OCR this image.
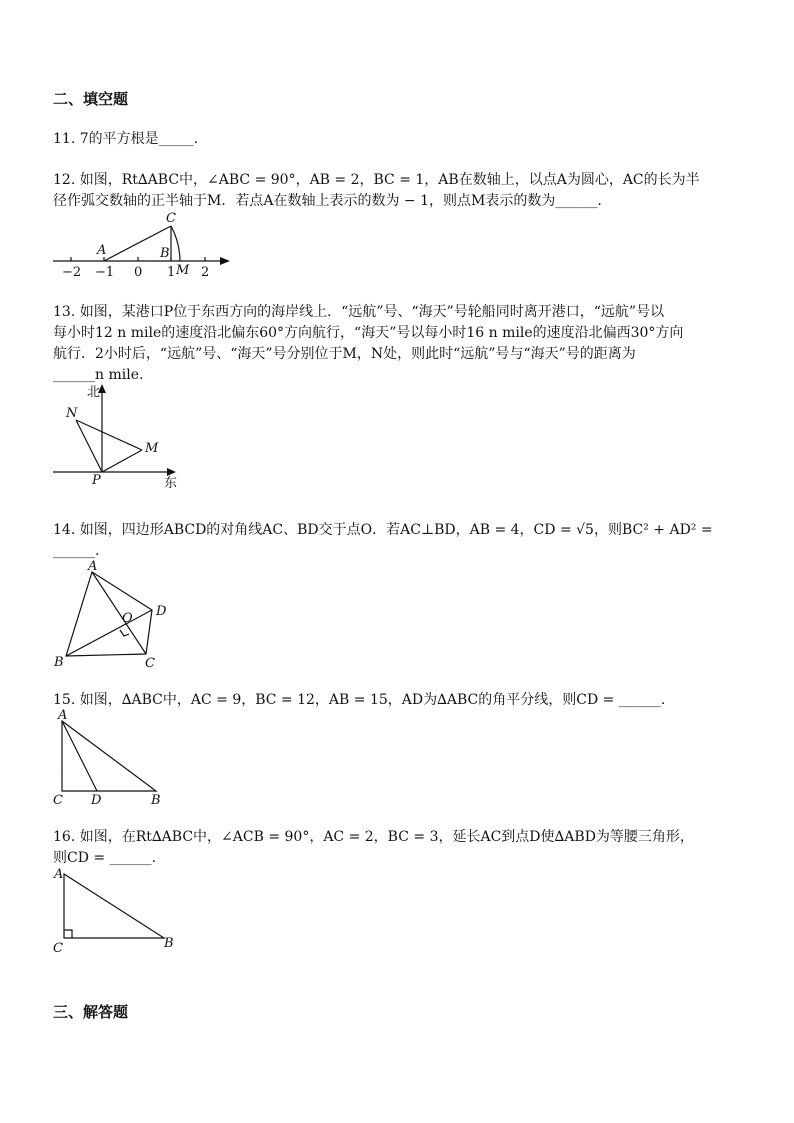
二、填空题
11. 7的平方根是_____.
12. 如图，Rt∆ABC中，∠ABC = 90°，AB = 2，BC = 1，AB在数轴上，以点A为圆心，AC的长为半
径作弧交数轴的正半轴于M．若点A在数轴上表示的数为 − 1，则点M表示的数为______.
−2 −1 0 1 2
A	B
C
M
13. 如图，某港口P位于东西方向的海岸线上．“远航”号、“海天”号轮船同时离开港口，“远航”号以
每小时12 n mile的速度沿北偏东60°方向航行，“海天”号以每小时16 n mile的速度沿北偏西30°方向
航行．2小时后，“远航”号、“海天”号分别位于M，N处，则此时“远航”号与“海天”号的距离为
______n mile.
北
东
N
M
P
14. 如图，四边形ABCD的对角线AC、BD交于点O．若AC⊥BD，AB = 4，CD = √5，则BC² + AD² =
______.
A
B	C
D
O
15. 如图，∆ABC中，AC = 9，BC = 12，AB = 15，AD为∆ABC的角平分线，则CD = ______.
A
C D	B
16. 如图，在Rt∆ABC中，∠ACB = 90°，AC = 2，BC = 3，延长AC到点D使∆ABD为等腰三角形，
则CD = ______.
A
C	B
三、解答题
